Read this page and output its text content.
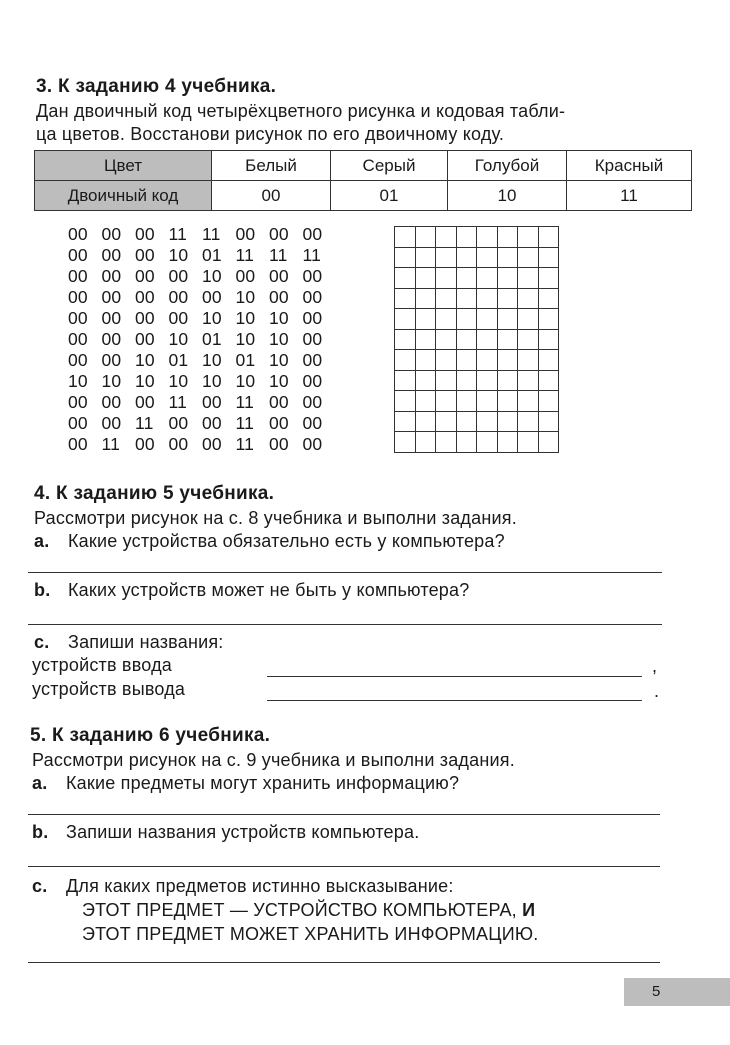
3. К заданию 4 учебника.
Дан двоичный код четырёхцветного рисунка и кодовая табли-
ца цветов. Восстанови рисунок по его двоичному коду.
Цвет	Белый	Серый	Голубой	Красный
Двоичный код	00	01	10	11
00 00 00 11 11 00 00 00
00 00 00 10 01 11 11 11
00 00 00 00 10 00 00 00
00 00 00 00 00 10 00 00
00 00 00 00 10 10 10 00
00 00 00 10 01 10 10 00
00 00 10 01 10 01 10 00
10 10 10 10 10 10 10 00
00 00 00 11 00 11 00 00
00 00 11 00 00 11 00 00
00 11 00 00 00 11 00 00
4. К заданию 5 учебника.
Рассмотри рисунок на с. 8 учебника и выполни задания.
a. Какие устройства обязательно есть у компьютера?
b. Каких устройств может не быть у компьютера?
c. Запиши названия:
устройств ввода	,
устройств вывода	.
5. К заданию 6 учебника.
Рассмотри рисунок на с. 9 учебника и выполни задания.
a. Какие предметы могут хранить информацию?
b. Запиши названия устройств компьютера.
c. Для каких предметов истинно высказывание:
ЭТОТ ПРЕДМЕТ — УСТРОЙСТВО КОМПЬЮТЕРА, И
ЭТОТ ПРЕДМЕТ МОЖЕТ ХРАНИТЬ ИНФОРМАЦИЮ.
5
